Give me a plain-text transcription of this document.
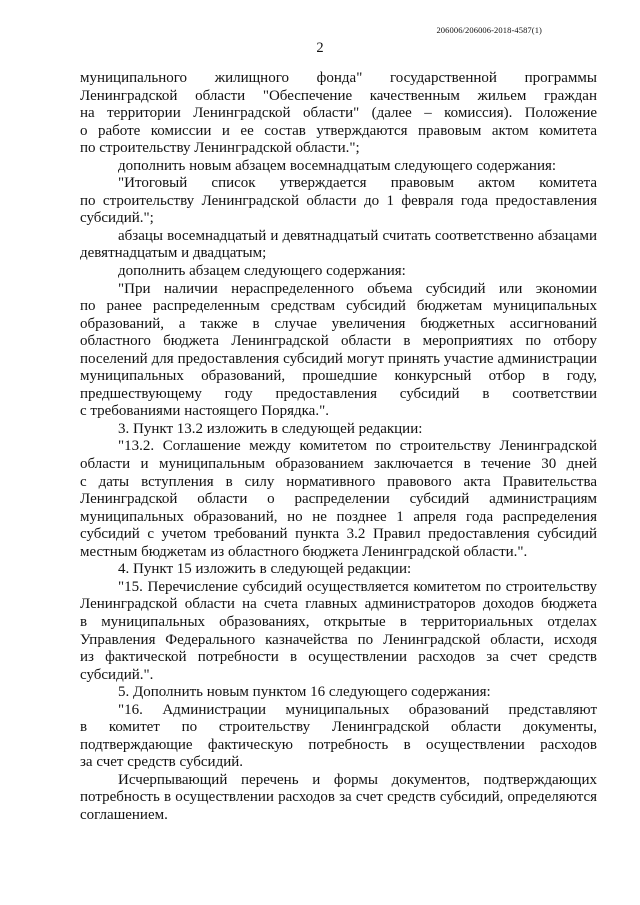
206006/206006-2018-4587(1)
2
муниципального жилищного фонда" государственной программы
Ленинградской области "Обеспечение качественным жильем граждан
на территории Ленинградской области" (далее – комиссия). Положение
о работе комиссии и ее состав утверждаются правовым актом комитета
по строительству Ленинградской области.";
дополнить новым абзацем восемнадцатым следующего содержания:
"Итоговый список утверждается правовым актом комитета
по строительству Ленинградской области до 1 февраля года предоставления
субсидий.";
абзацы восемнадцатый и девятнадцатый считать соответственно абзацами
девятнадцатым и двадцатым;
дополнить абзацем следующего содержания:
"При наличии нераспределенного объема субсидий или экономии
по ранее распределенным средствам субсидий бюджетам муниципальных
образований, а также в случае увеличения бюджетных ассигнований
областного бюджета Ленинградской области в мероприятиях по отбору
поселений для предоставления субсидий могут принять участие администрации
муниципальных образований, прошедшие конкурсный отбор в году,
предшествующему году предоставления субсидий в соответствии
с требованиями настоящего Порядка.".
3. Пункт 13.2 изложить в следующей редакции:
"13.2. Соглашение между комитетом по строительству Ленинградской
области и муниципальным образованием заключается в течение 30 дней
с даты вступления в силу нормативного правового акта Правительства
Ленинградской области о распределении субсидий администрациям
муниципальных образований, но не позднее 1 апреля года распределения
субсидий с учетом требований пункта 3.2 Правил предоставления субсидий
местным бюджетам из областного бюджета Ленинградской области.".
4. Пункт 15 изложить в следующей редакции:
"15. Перечисление субсидий осуществляется комитетом по строительству
Ленинградской области на счета главных администраторов доходов бюджета
в муниципальных образованиях, открытые в территориальных отделах
Управления Федерального казначейства по Ленинградской области, исходя
из фактической потребности в осуществлении расходов за счет средств
субсидий.".
5. Дополнить новым пунктом 16 следующего содержания:
"16. Администрации муниципальных образований представляют
в комитет по строительству Ленинградской области документы,
подтверждающие фактическую потребность в осуществлении расходов
за счет средств субсидий.
Исчерпывающий перечень и формы документов, подтверждающих
потребность в осуществлении расходов за счет средств субсидий, определяются
соглашением.
